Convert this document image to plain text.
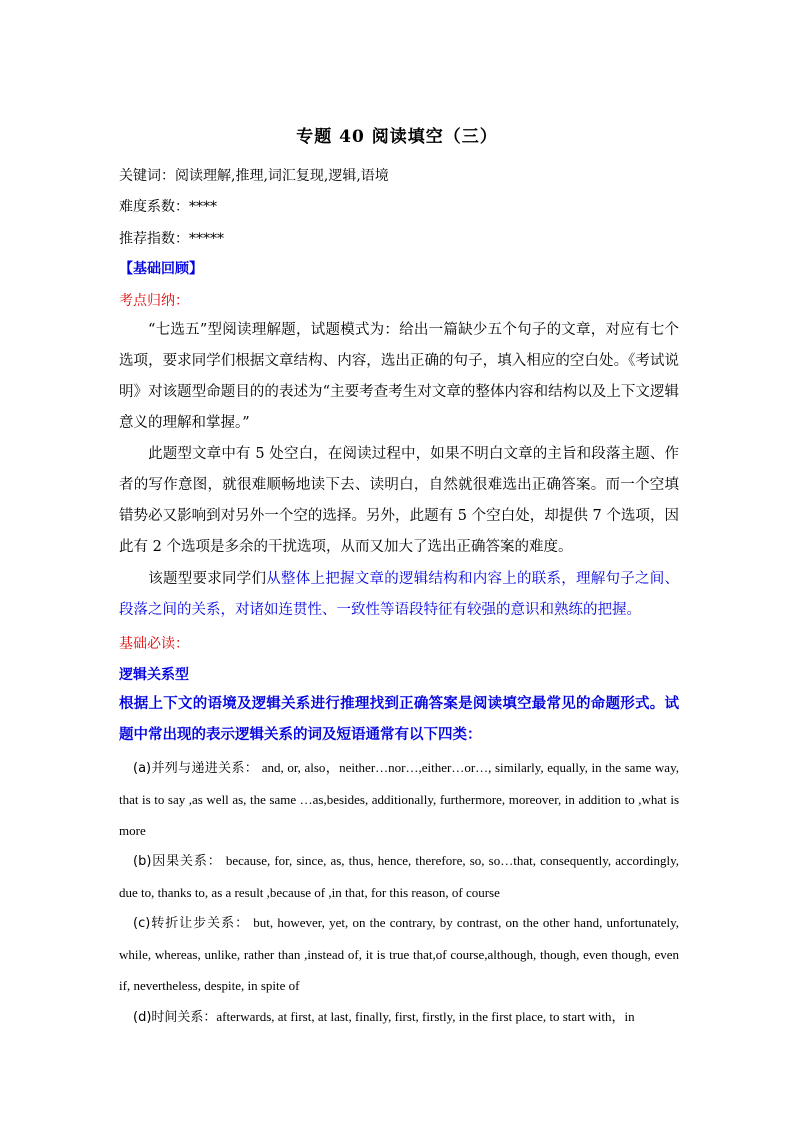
专题 40 阅读填空（三）
关键词：阅读理解,推理,词汇复现,逻辑,语境
难度系数：****
推荐指数：*****
【基础回顾】
考点归纳：
“七选五”型阅读理解题，试题模式为：给出一篇缺少五个句子的文章，对应有七个选项，要求同学们根据文章结构、内容，选出正确的句子，填入相应的空白处。《考试说明》对该题型命题目的的表述为“主要考查考生对文章的整体内容和结构以及上下文逻辑意义的理解和掌握。”
此题型文章中有 5 处空白，在阅读过程中，如果不明白文章的主旨和段落主题、作者的写作意图，就很难顺畅地读下去、读明白，自然就很难选出正确答案。而一个空填错势必又影响到对另外一个空的选择。另外，此题有 5 个空白处，却提供 7 个选项，因此有 2 个选项是多余的干扰选项，从而又加大了选出正确答案的难度。
该题型要求同学们从整体上把握文章的逻辑结构和内容上的联系，理解句子之间、段落之间的关系，对诸如连贯性、一致性等语段特征有较强的意识和熟练的把握。
基础必读：
逻辑关系型
根据上下文的语境及逻辑关系进行推理找到正确答案是阅读填空最常见的命题形式。试题中常出现的表示逻辑关系的词及短语通常有以下四类：
(a)并列与递进关系： and, or, also，neither…nor…,either…or…, similarly, equally, in the same way, that is to say ,as well as, the same …as,besides, additionally, furthermore, moreover, in addition to ,what is more
(b)因果关系： because, for, since, as, thus, hence, therefore, so, so…that, consequently, accordingly, due to, thanks to, as a result ,because of ,in that, for this reason, of course
(c)转折让步关系： but, however, yet, on the contrary, by contrast, on the other hand, unfortunately, while, whereas, unlike, rather than ,instead of, it is true that,of course,although, though, even though, even if, nevertheless, despite, in spite of
(d)时间关系：afterwards, at first, at last, finally, first, firstly, in the first place, to start with，in
